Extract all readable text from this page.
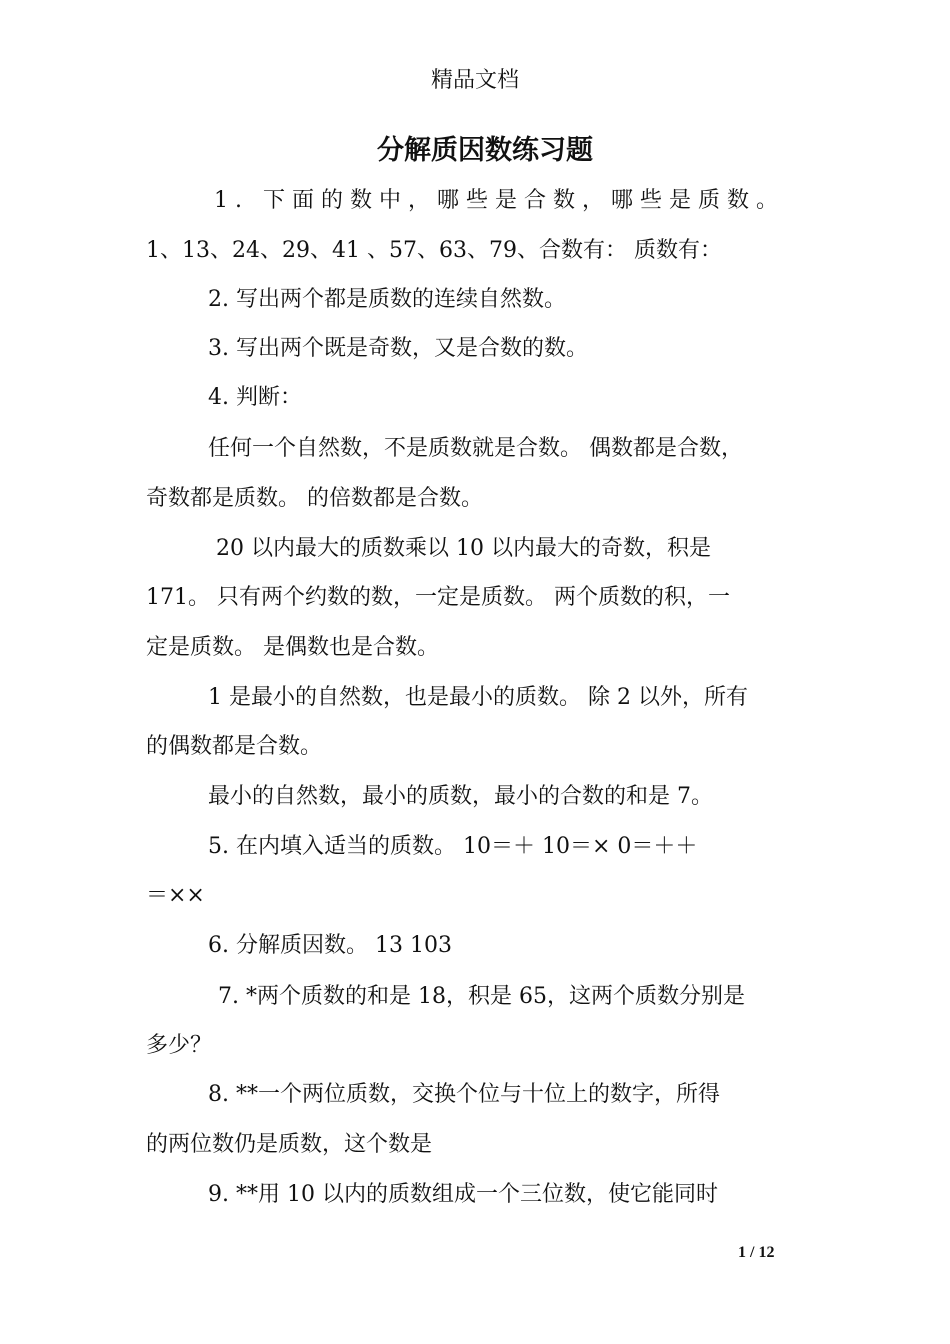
精品文档
分解质因数练习题
1. 下面的数中，哪些是合数，哪些是质数。
1、13、24、29、41 、57、63、79、合数有： 质数有：
2. 写出两个都是质数的连续自然数。
3. 写出两个既是奇数，又是合数的数。
4. 判断：
任何一个自然数，不是质数就是合数。 偶数都是合数，
奇数都是质数。 的倍数都是合数。
20 以内最大的质数乘以 10 以内最大的奇数，积是
171。 只有两个约数的数，一定是质数。 两个质数的积，一
定是质数。 是偶数也是合数。
1 是最小的自然数，也是最小的质数。 除 2 以外，所有
的偶数都是合数。
最小的自然数，最小的质数，最小的合数的和是 7。
5. 在内填入适当的质数。 10＝＋ 10＝× 0＝＋＋
＝××
6. 分解质因数。 13 103
7. *两个质数的和是 18，积是 65，这两个质数分别是
多少？
8. **一个两位质数，交换个位与十位上的数字，所得
的两位数仍是质数，这个数是
9. **用 10 以内的质数组成一个三位数，使它能同时
1 / 12
